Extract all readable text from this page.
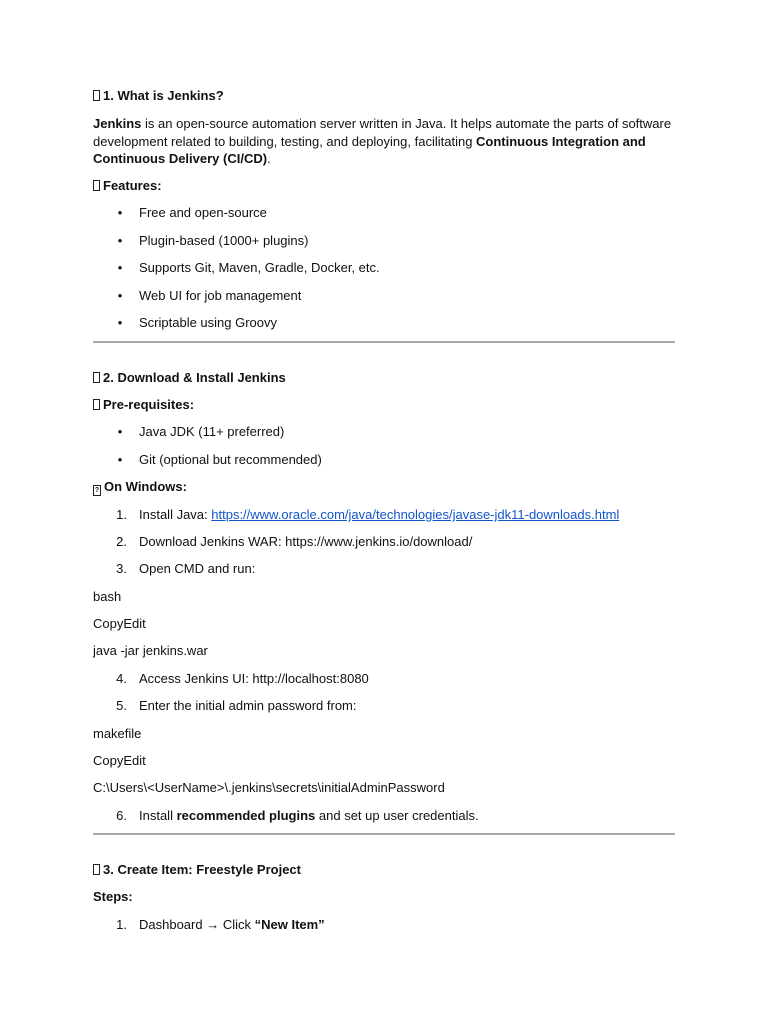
1. What is Jenkins?

Jenkins is an open-source automation server written in Java. It helps automate the parts of software development related to building, testing, and deploying, facilitating Continuous Integration and Continuous Delivery (CI/CD).

Features:

•	Free and open-source
•	Plugin-based (1000+ plugins)
•	Supports Git, Maven, Gradle, Docker, etc.
•	Web UI for job management
•	Scriptable using Groovy

2. Download & Install Jenkins

Pre-requisites:

•	Java JDK (11+ preferred)
•	Git (optional but recommended)

? On Windows:

1. Install Java: https://www.oracle.com/java/technologies/javase-jdk11-downloads.html
2. Download Jenkins WAR: https://www.jenkins.io/download/
3. Open CMD and run:

bash

CopyEdit

java -jar jenkins.war

4. Access Jenkins UI: http://localhost:8080
5. Enter the initial admin password from:

makefile

CopyEdit

C:\Users\<UserName>\.jenkins\secrets\initialAdminPassword

6. Install recommended plugins and set up user credentials.

3. Create Item: Freestyle Project

Steps:

1. Dashboard → Click “New Item”
